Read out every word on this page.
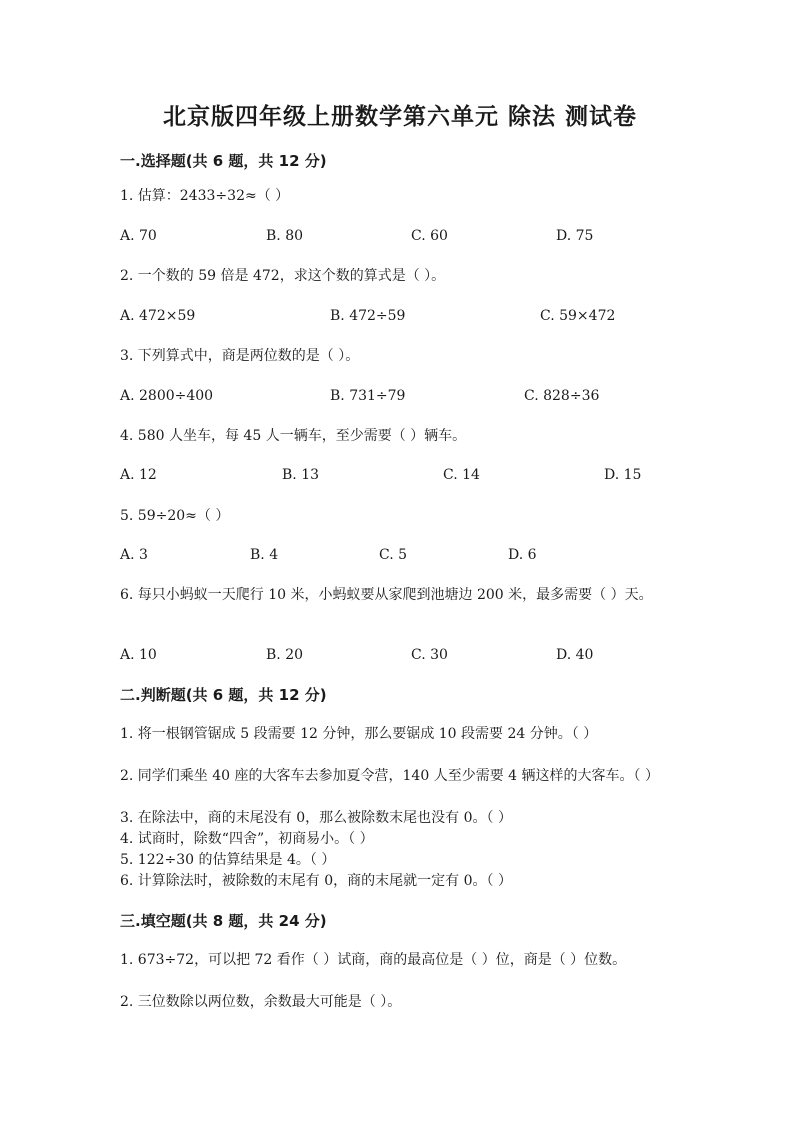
北京版四年级上册数学第六单元 除法 测试卷
一.选择题(共 6 题，共 12 分)
1. 估算：2433÷32≈（ ）
A. 70	B. 80	C. 60	D. 75
2. 一个数的 59 倍是 472，求这个数的算式是（ ）。
A. 472×59	B. 472÷59	C. 59×472
3. 下列算式中，商是两位数的是（ ）。
A. 2800÷400	B. 731÷79	C. 828÷36
4. 580 人坐车，每 45 人一辆车，至少需要（ ）辆车。
A. 12	B. 13	C. 14	D. 15
5. 59÷20≈（ ）
A. 3	B. 4	C. 5	D. 6
6. 每只小蚂蚁一天爬行 10 米，小蚂蚁要从家爬到池塘边 200 米，最多需要（ ）天。
A. 10	B. 20	C. 30	D. 40
二.判断题(共 6 题，共 12 分)
1. 将一根钢管锯成 5 段需要 12 分钟，那么要锯成 10 段需要 24 分钟。（ ）
2. 同学们乘坐 40 座的大客车去参加夏令营，140 人至少需要 4 辆这样的大客车。（ ）
3. 在除法中，商的末尾没有 0，那么被除数末尾也没有 0。（ ）
4. 试商时，除数“四舍”，初商易小。（ ）
5. 122÷30 的估算结果是 4。（ ）
6. 计算除法时，被除数的末尾有 0，商的末尾就一定有 0。（ ）
三.填空题(共 8 题，共 24 分)
1. 673÷72，可以把 72 看作（ ）试商，商的最高位是（ ）位，商是（ ）位数。
2. 三位数除以两位数，余数最大可能是（ ）。
